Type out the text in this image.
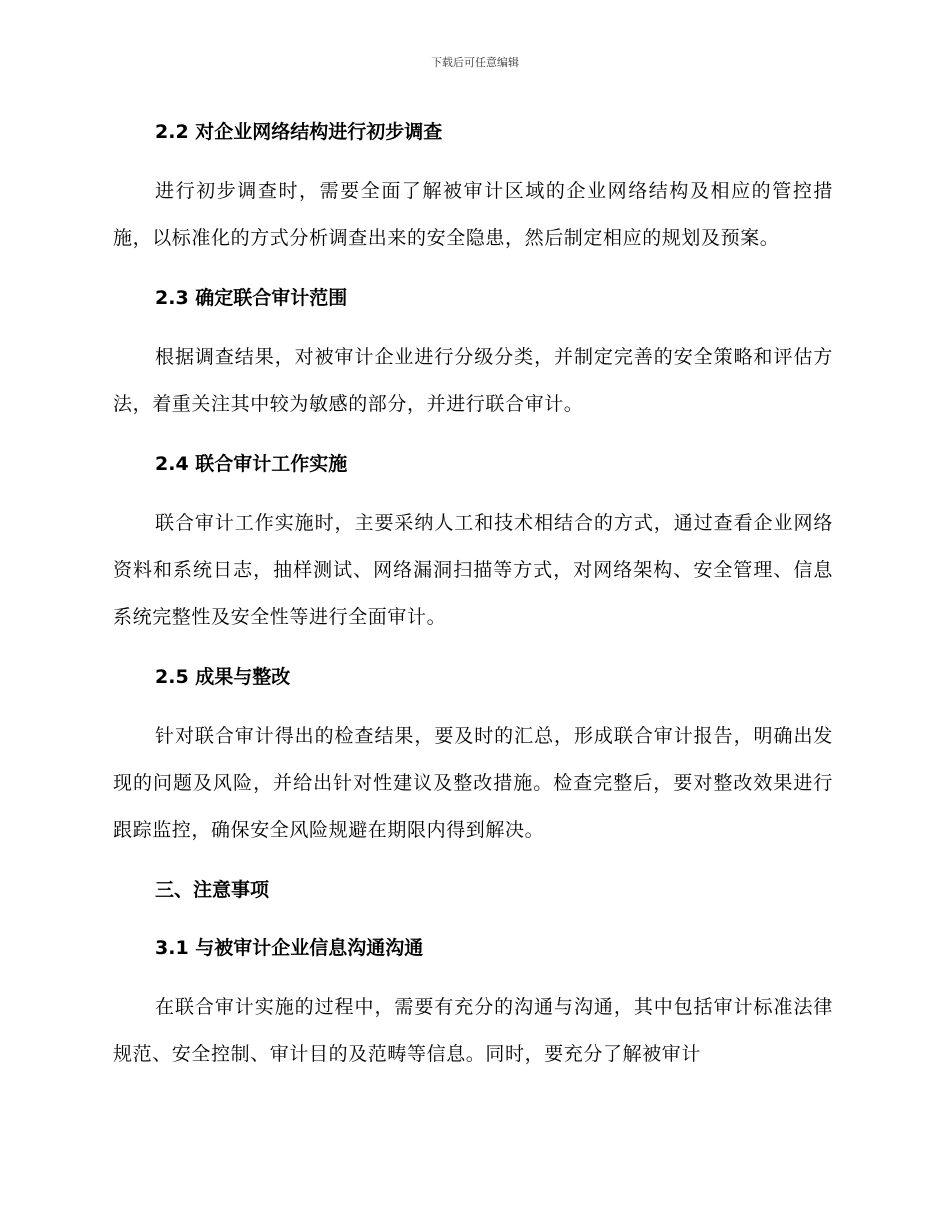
下载后可任意编辑
2.2 对企业网络结构进行初步调查

进行初步调查时，需要全面了解被审计区域的企业网络结构及相应的管控措施，以标准化的方式分析调查出来的安全隐患，然后制定相应的规划及预案。

2.3 确定联合审计范围

根据调查结果，对被审计企业进行分级分类，并制定完善的安全策略和评估方法，着重关注其中较为敏感的部分，并进行联合审计。

2.4 联合审计工作实施

联合审计工作实施时，主要采纳人工和技术相结合的方式，通过查看企业网络资料和系统日志，抽样测试、网络漏洞扫描等方式，对网络架构、安全管理、信息系统完整性及安全性等进行全面审计。

2.5 成果与整改

针对联合审计得出的检查结果，要及时的汇总，形成联合审计报告，明确出发现的问题及风险，并给出针对性建议及整改措施。检查完整后，要对整改效果进行跟踪监控，确保安全风险规避在期限内得到解决。

三、注意事项
3.1 与被审计企业信息沟通沟通

在联合审计实施的过程中，需要有充分的沟通与沟通，其中包括审计标准法律规范、安全控制、审计目的及范畴等信息。同时，要充分了解被审计
